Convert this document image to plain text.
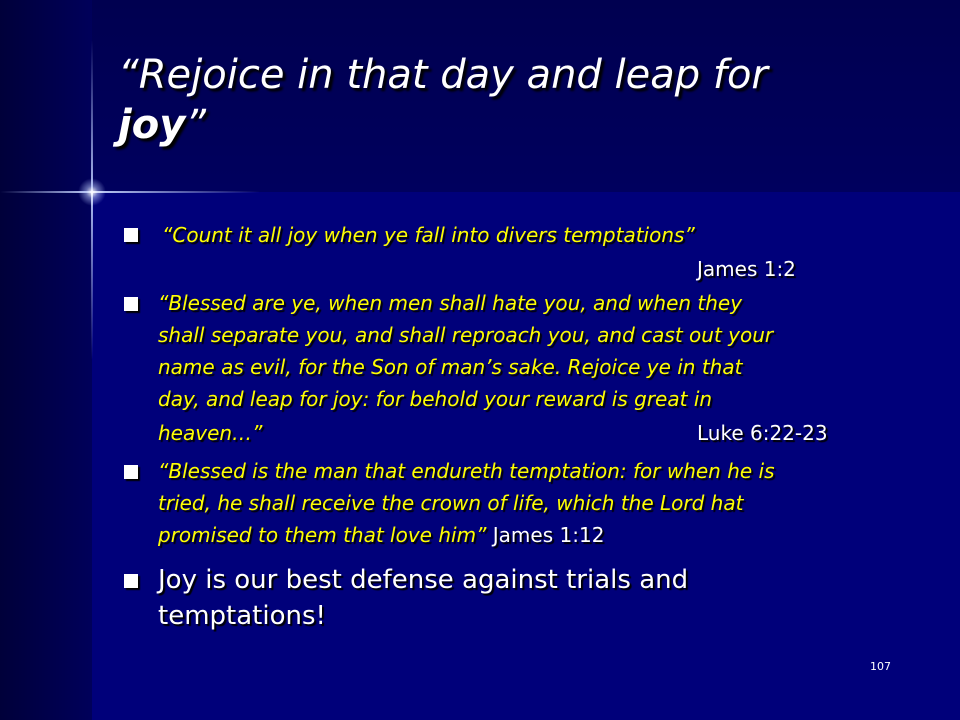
“Rejoice in that day and leap for
joy”

“Count it all joy when ye fall into divers temptations”

James 1:2

“Blessed are ye, when men shall hate you, and when they

shall separate you, and shall reproach you, and cast out your

name as evil, for the Son of man’s sake. Rejoice ye in that

day, and leap for joy: for behold your reward is great in

heaven…”	Luke 6:22-23

“Blessed is the man that endureth temptation: for when he is

tried, he shall receive the crown of life, which the Lord hat

promised to them that love him” James 1:12

Joy is our best defense against trials and

temptations!

107
